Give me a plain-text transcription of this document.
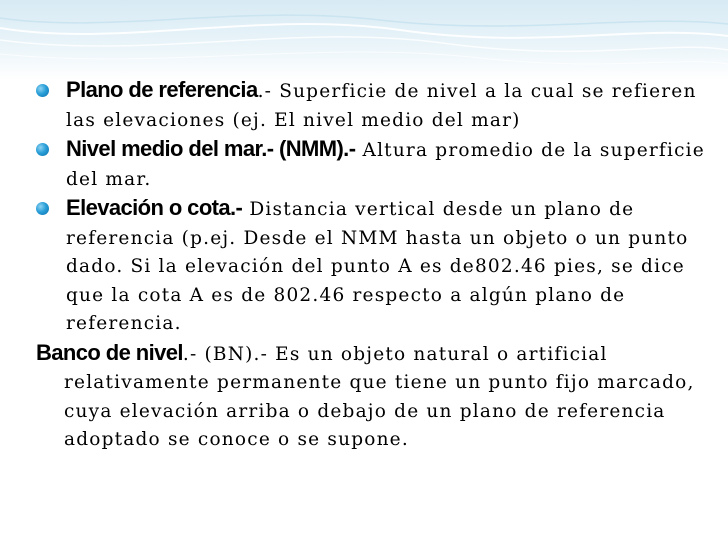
Plano de referencia.- Superficie de nivel a la cual se refieren las elevaciones (ej. El nivel medio del mar)
Nivel medio del mar.- (NMM).- Altura promedio de la superficie del mar.
Elevación o cota.- Distancia vertical desde un plano de referencia (p.ej. Desde el NMM hasta un objeto o un punto dado. Si la elevación del punto A es de802.46 pies, se dice que la cota A es de 802.46 respecto a algún plano de referencia.
Banco de nivel.- (BN).- Es un objeto natural o artificial relativamente permanente que tiene un punto fijo marcado, cuya elevación arriba o debajo de un plano de referencia adoptado se conoce o se supone.
